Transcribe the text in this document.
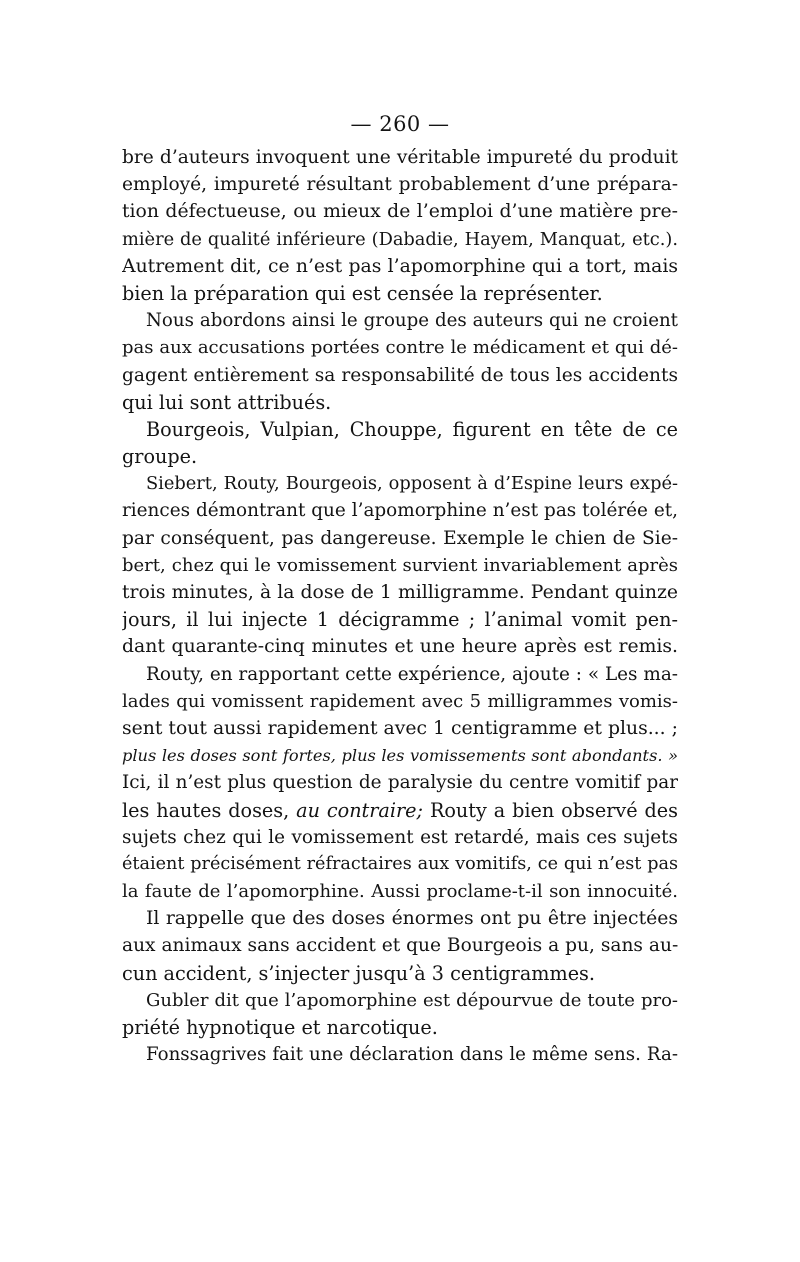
— 260 —
bre d’auteurs invoquent une véritable impureté du produit
employé, impureté résultant probablement d’une prépara-
tion défectueuse, ou mieux de l’emploi d’une matière pre-
mière de qualité inférieure (Dabadie, Hayem, Manquat, etc.).
Autrement dit, ce n’est pas l’apomorphine qui a tort, mais
bien la préparation qui est censée la représenter.
Nous abordons ainsi le groupe des auteurs qui ne croient
pas aux accusations portées contre le médicament et qui dé-
gagent entièrement sa responsabilité de tous les accidents
qui lui sont attribués.
Bourgeois, Vulpian, Chouppe, figurent en tête de ce
groupe.
Siebert, Routy, Bourgeois, opposent à d’Espine leurs expé-
riences démontrant que l’apomorphine n’est pas tolérée et,
par conséquent, pas dangereuse. Exemple le chien de Sie-
bert, chez qui le vomissement survient invariablement après
trois minutes, à la dose de 1 milligramme. Pendant quinze
jours, il lui injecte 1 décigramme ; l’animal vomit pen-
dant quarante-cinq minutes et une heure après est remis.
Routy, en rapportant cette expérience, ajoute : « Les ma-
lades qui vomissent rapidement avec 5 milligrammes vomis-
sent tout aussi rapidement avec 1 centigramme et plus... ;
plus les doses sont fortes, plus les vomissements sont abondants. »
Ici, il n’est plus question de paralysie du centre vomitif par
les hautes doses, au contraire; Routy a bien observé des
sujets chez qui le vomissement est retardé, mais ces sujets
étaient précisément réfractaires aux vomitifs, ce qui n’est pas
la faute de l’apomorphine. Aussi proclame-t-il son innocuité.
Il rappelle que des doses énormes ont pu être injectées
aux animaux sans accident et que Bourgeois a pu, sans au-
cun accident, s’injecter jusqu’à 3 centigrammes.
Gubler dit que l’apomorphine est dépourvue de toute pro-
priété hypnotique et narcotique.
Fonssagrives fait une déclaration dans le même sens. Ra-
